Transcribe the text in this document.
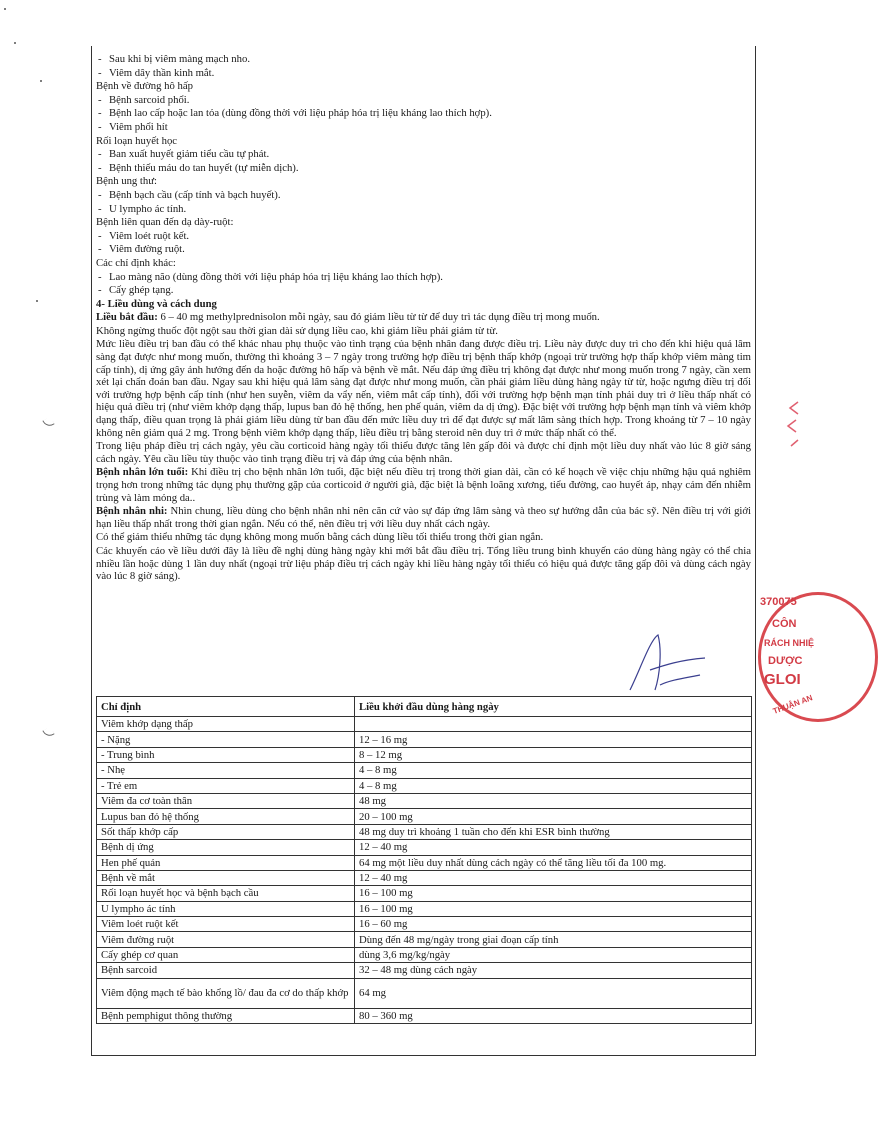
- Sau khi bị viêm màng mạch nho.

- Viêm dây thần kinh mắt.

Bệnh về đường hô hấp

- Bệnh sarcoid phổi.

- Bệnh lao cấp hoặc lan tỏa (dùng đồng thời với liệu pháp hóa trị liệu kháng lao thích hợp).

- Viêm phổi hít

Rối loạn huyết học

- Ban xuất huyết giảm tiểu cầu tự phát.

- Bệnh thiếu máu do tan huyết (tự miễn dịch).

Bệnh ung thư:

- Bệnh bạch cầu (cấp tính và bạch huyết).

- U lympho ác tính.

Bệnh liên quan đến dạ dày-ruột:

- Viêm loét ruột kết.

- Viêm đường ruột.

Các chỉ định khác:

- Lao màng não (dùng đồng thời với liệu pháp hóa trị liệu kháng lao thích hợp).

- Cấy ghép tạng.

4- Liều dùng và cách dung

Liều bắt đầu: 6 – 40 mg methylprednisolon mỗi ngày, sau đó giảm liều từ từ để duy trì tác dụng điều trị mong muốn.

Không ngừng thuốc đột ngột sau thời gian dài sử dụng liều cao, khi giảm liều phải giảm từ từ.

Mức liều điều trị ban đầu có thể khác nhau phụ thuộc vào tình trạng của bệnh nhân đang được điều trị. Liều này được duy trì cho đến khi hiệu quả lâm sàng đạt được như mong muốn, thường thì khoảng 3 – 7 ngày trong trường hợp điều trị bệnh thấp khớp (ngoại trừ trường hợp thấp khớp viêm màng tim cấp tính), dị ứng gây ảnh hưởng đến da hoặc đường hô hấp và bệnh về mắt. Nếu đáp ứng điều trị không đạt được như mong muốn trong 7 ngày, cần xem xét lại chẩn đoán ban đầu. Ngay sau khi hiệu quả lâm sàng đạt được như mong muốn, cần phải giảm liều dùng hàng ngày từ từ, hoặc ngưng điều trị đối với trường hợp bệnh cấp tính (như hen suyễn, viêm da vẩy nến, viêm mắt cấp tính), đối với trường hợp bệnh mạn tính phải duy trì ở liều thấp nhất có hiệu quả điều trị (như viêm khớp dạng thấp, lupus ban đỏ hệ thống, hen phế quản, viêm da dị ứng). Đặc biệt với trường hợp bệnh mạn tính và viêm khớp dạng thấp, điều quan trọng là phải giảm liều dùng từ ban đầu đến mức liều duy trì để đạt được sự mất lâm sàng thích hợp. Trong khoảng từ 7 – 10 ngày không nên giảm quá 2 mg. Trong bệnh viêm khớp dạng thấp, liều điều trị bằng steroid nên duy trì ở mức thấp nhất có thể.

Trong liệu pháp điều trị cách ngày, yêu cầu corticoid hàng ngày tối thiểu được tăng lên gấp đôi và được chỉ định một liều duy nhất vào lúc 8 giờ sáng cách ngày. Yêu cầu liều tùy thuộc vào tình trạng điều trị và đáp ứng của bệnh nhân.

Bệnh nhân lớn tuổi: Khi điều trị cho bệnh nhân lớn tuổi, đặc biệt nếu điều trị trong thời gian dài, cần có kế hoạch về việc chịu những hậu quả nghiêm trọng hơn trong những tác dụng phụ thường gặp của corticoid ở người già, đặc biệt là bệnh loãng xương, tiểu đường, cao huyết áp, nhạy cảm đến nhiễm trùng và làm mỏng da..

Bệnh nhân nhi: Nhìn chung, liều dùng cho bệnh nhân nhi nên căn cứ vào sự đáp ứng lâm sàng và theo sự hướng dẫn của bác sỹ. Nên điều trị với giới hạn liều thấp nhất trong thời gian ngắn. Nếu có thể, nên điều trị với liều duy nhất cách ngày.

Có thể giảm thiểu những tác dụng không mong muốn bằng cách dùng liều tối thiểu trong thời gian ngắn.

Các khuyến cáo về liều dưới đây là liều đề nghị dùng hàng ngày khi mới bắt đầu điều trị. Tổng liều trung bình khuyến cáo dùng hàng ngày có thể chia nhiều lần hoặc dùng 1 lần duy nhất (ngoại trừ liệu pháp điều trị cách ngày khi liều hàng ngày tối thiểu có hiệu quả được tăng gấp đôi và dùng cách ngày vào lúc 8 giờ sáng).

Chỉ định	Liều khởi đầu dùng hàng ngày
Viêm khớp dạng thấp	
- Nặng	12 – 16 mg
- Trung bình	8 – 12 mg
- Nhẹ	4 – 8 mg
- Trẻ em	4 – 8 mg
Viêm đa cơ toàn thân	48 mg
Lupus ban đỏ hệ thống	20 – 100 mg
Sốt thấp khớp cấp	48 mg duy trì khoảng 1 tuần cho đến khi ESR bình thường
Bệnh dị ứng	12 – 40 mg
Hen phế quản	64 mg một liều duy nhất dùng cách ngày có thể tăng liều tối đa 100 mg.
Bệnh về mắt	12 – 40 mg
Rối loạn huyết học và bệnh bạch cầu	16 – 100 mg
U lympho ác tính	16 – 100 mg
Viêm loét ruột kết	16 – 60 mg
Viêm đường ruột	Dùng đến 48 mg/ngày trong giai đoạn cấp tính
Cấy ghép cơ quan	dùng 3,6 mg/kg/ngày
Bệnh sarcoid	32 – 48 mg dùng cách ngày
Viêm động mạch tế bào khổng lồ/ đau đa cơ do thấp khớp	64 mg
Bệnh pemphigut thông thường	80 – 360 mg
370075
CÔN
RÁCH NHIỆ
DƯỢC
GLOI
THUẬN AN
